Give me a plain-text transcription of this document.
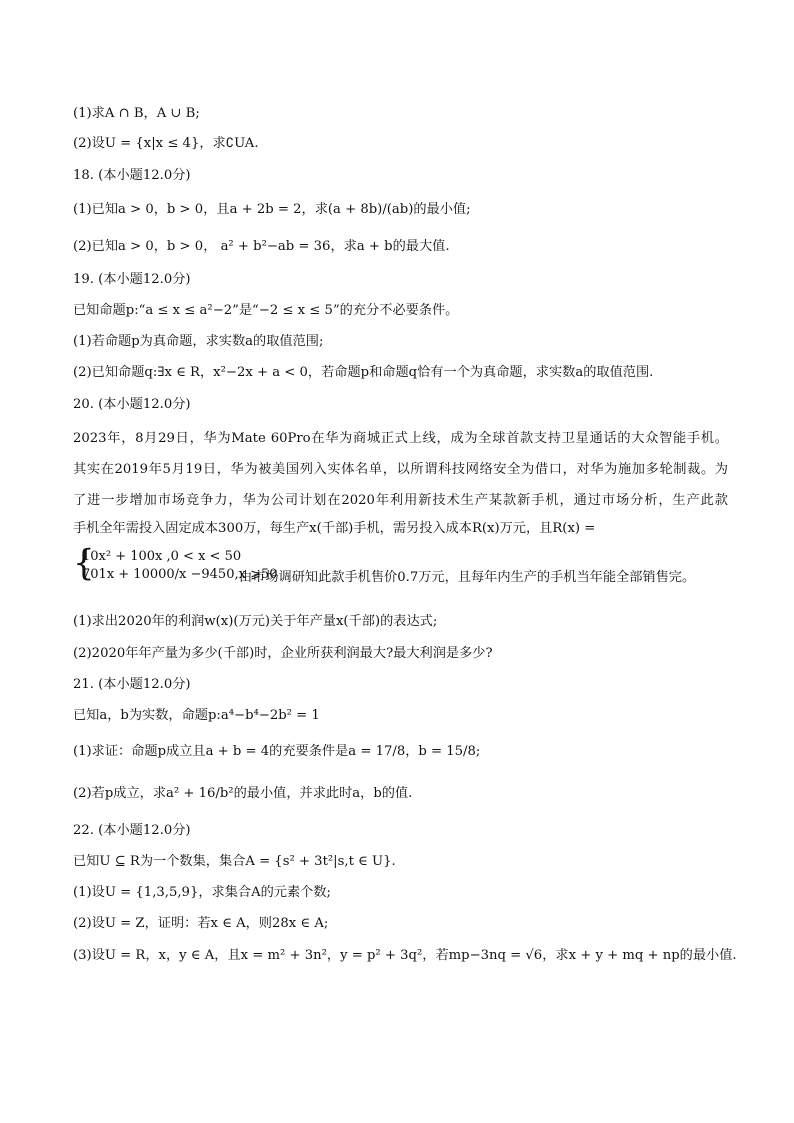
(1)求A ∩ B，A ∪ B;
(2)设U = {x|x ≤ 4}，求∁UA.
18. (本小题12.0分)
(1)已知a > 0，b > 0，且a + 2b = 2，求(a + 8b)/(ab)的最小值;
(2)已知a > 0，b > 0， a² + b²−ab = 36，求a + b的最大值.
19. (本小题12.0分)
已知命题p:“a ≤ x ≤ a²−2”是“−2 ≤ x ≤ 5”的充分不必要条件。
(1)若命题p为真命题，求实数a的取值范围;
(2)已知命题q:∃x ∈ R，x²−2x + a < 0，若命题p和命题q恰有一个为真命题，求实数a的取值范围.
20. (本小题12.0分)
2023年，8月29日，华为Mate 60Pro在华为商城正式上线，成为全球首款支持卫星通话的大众智能手机。
其实在2019年5月19日，华为被美国列入实体名单，以所谓科技网络安全为借口，对华为施加多轮制裁。为
了进一步增加市场竞争力，华为公司计划在2020年利用新技术生产某款新手机，通过市场分析，生产此款
手机全年需投入固定成本300万，每生产x(千部)手机，需另投入成本R(x)万元，且R(x) =
{
10x² + 100x ,0 < x < 50
701x + 10000/x −9450,x ⩾50
由市场调研知此款手机售价0.7万元，且每年内生产的手机当年能全部销售完。
(1)求出2020年的利润w(x)(万元)关于年产量x(千部)的表达式;
(2)2020年年产量为多少(千部)时，企业所获利润最大?最大利润是多少?
21. (本小题12.0分)
已知a，b为实数，命题p:a⁴−b⁴−2b² = 1
(1)求证：命题p成立且a + b = 4的充要条件是a = 17/8，b = 15/8;
(2)若p成立，求a² + 16/b²的最小值，并求此时a，b的值.
22. (本小题12.0分)
已知U ⊆ R为一个数集，集合A = {s² + 3t²|s,t ∈ U}.
(1)设U = {1,3,5,9}，求集合A的元素个数;
(2)设U = Z，证明：若x ∈ A，则28x ∈ A;
(3)设U = R，x，y ∈ A，且x = m² + 3n²，y = p² + 3q²，若mp−3nq = √6，求x + y + mq + np的最小值.
